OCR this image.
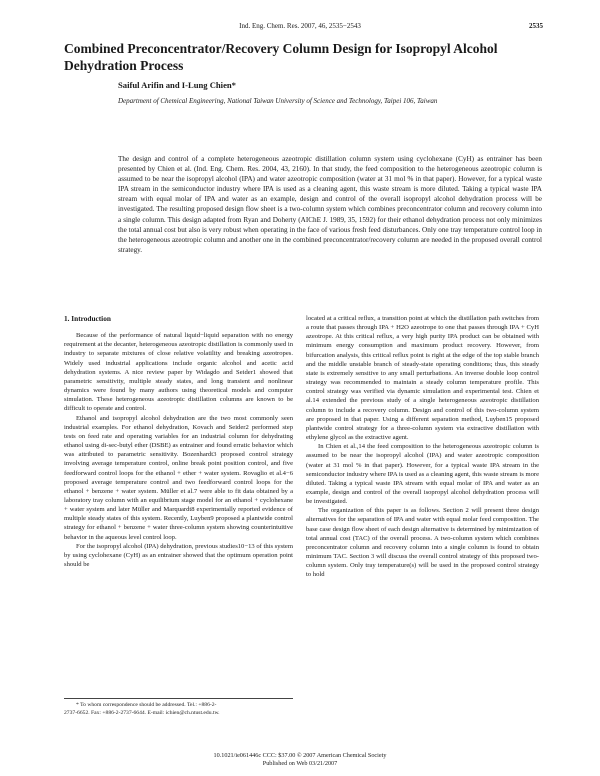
Ind. Eng. Chem. Res. 2007, 46, 2535−2543	2535
Combined Preconcentrator/Recovery Column Design for Isopropyl Alcohol Dehydration Process
Saiful Arifin and I-Lung Chien*
Department of Chemical Engineering, National Taiwan University of Science and Technology, Taipei 106, Taiwan

The design and control of a complete heterogeneous azeotropic distillation column system using cyclohexane (CyH) as entrainer has been presented by Chien et al. (Ind. Eng. Chem. Res. 2004, 43, 2160). In that study, the feed composition to the heterogeneous azeotropic column is assumed to be near the isopropyl alcohol (IPA) and water azeotropic composition (water at 31 mol % in that paper). However, for a typical waste IPA stream in the semiconductor industry where IPA is used as a cleaning agent, this waste stream is more diluted. Taking a typical waste IPA stream with equal molar of IPA and water as an example, design and control of the overall isopropyl alcohol dehydration process will be investigated. The resulting proposed design flow sheet is a two-column system which combines preconcentrator column and recovery column into a single column. This design adapted from Ryan and Doherty (AIChE J. 1989, 35, 1592) for their ethanol dehydration process not only minimizes the total annual cost but also is very robust when operating in the face of various fresh feed disturbances. Only one tray temperature control loop in the heterogeneous azeotropic column and another one in the combined preconcentrator/recovery column are needed in the proposed overall control strategy.

1. Introduction

Because of the performance of natural liquid−liquid separation with no energy requirement at the decanter, heterogeneous azeotropic distillation is commonly used in industry to separate mixtures of close relative volatility and breaking azeotropes. Widely used industrial applications include organic alcohol and acetic acid dehydration systems. A nice review paper by Widagdo and Seider1 showed that parametric sensitivity, multiple steady states, and long transient and nonlinear dynamics were found by many authors using theoretical models and computer simulation. These heterogeneous azeotropic distillation columns are known to be difficult to operate and control.

Ethanol and isopropyl alcohol dehydration are the two most commonly seen industrial examples. For ethanol dehydration, Kovach and Seider2 performed step tests on feed rate and operating variables for an industrial column for dehydrating ethanol using di-sec-butyl ether (DSBE) as entrainer and found erratic behavior which was attributed to parametric sensitivity. Bozenhardt3 proposed control strategy involving average temperature control, online break point position control, and five feedforward control loops for the ethanol + ether + water system. Rovaglio et al.4−6 proposed average temperature control and two feedforward control loops for the ethanol + benzene + water system. Müller et al.7 were able to fit data obtained by a laboratory tray column with an equilibrium stage model for an ethanol + cyclohexane + water system and later Müller and Marquardt8 experimentally reported evidence of multiple steady states of this system. Recently, Luyben9 proposed a plantwide control strategy for ethanol + benzene + water three-column system showing counterintuitive behavior in the aqueous level control loop.

For the isopropyl alcohol (IPA) dehydration, previous studies10−13 of this system by using cyclohexane (CyH) as an entrainer showed that the optimum operation point should be

located at a critical reflux, a transition point at which the distillation path switches from a route that passes through IPA + H2O azeotrope to one that passes through IPA + CyH azeotrope. At this critical reflux, a very high purity IPA product can be obtained with minimum energy consumption and maximum product recovery. However, from bifurcation analysis, this critical reflux point is right at the edge of the top stable branch and the middle unstable branch of steady-state operating conditions; thus, this steady state is extremely sensitive to any small perturbations. An inverse double loop control strategy was recommended to maintain a steady column temperature profile. This control strategy was verified via dynamic simulation and experimental test. Chien et al.14 extended the previous study of a single heterogeneous azeotropic distillation column to include a recovery column. Design and control of this two-column system are proposed in that paper. Using a different separation method, Luyben15 proposed plantwide control strategy for a three-column system via extractive distillation with ethylene glycol as the extractive agent.

In Chien et al.,14 the feed composition to the heterogeneous azeotropic column is assumed to be near the isopropyl alcohol (IPA) and water azeotropic composition (water at 31 mol % in that paper). However, for a typical waste IPA stream in the semiconductor industry where IPA is used as a cleaning agent, this waste stream is more diluted. Taking a typical waste IPA stream with equal molar of IPA and water as an example, design and control of the overall isopropyl alcohol dehydration process will be investigated.

The organization of this paper is as follows. Section 2 will present three design alternatives for the separation of IPA and water with equal molar feed composition. The base case design flow sheet of each design alternative is determined by minimization of total annual cost (TAC) of the overall process. A two-column system which combines preconcentrator column and recovery column into a single column is found to obtain minimum TAC. Section 3 will discuss the overall control strategy of this proposed two-column system. Only tray temperature(s) will be used in the proposed control strategy to hold

* To whom correspondence should be addressed. Tel.: +886-2-
2737-6652. Fax: +886-2-2737-6644. E-mail: ichien@ch.ntust.edu.tw.
10.1021/ie061446c CCC: $37.00 © 2007 American Chemical Society
Published on Web 03/21/2007
